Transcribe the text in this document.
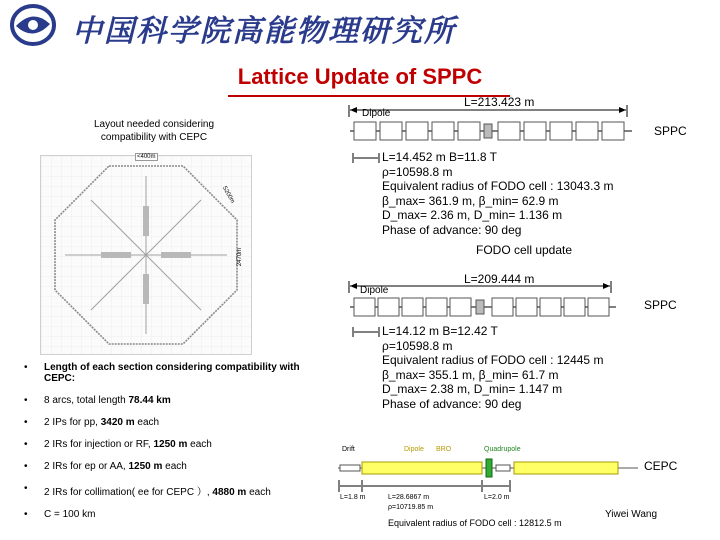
中国科学院高能物理研究所
Lattice Update of SPPC
Layout needed considering compatibility with CEPC
<400m
5200m
2470m
L=213.423 m
Dipole
SPPC
L=14.452 m B=11.8 T
ρ=10598.8 m
Equivalent radius of FODO cell : 13043.3 m
β_max= 361.9 m, β_min= 62.9 m
D_max= 2.36 m, D_min= 1.136 m
Phase of advance: 90 deg
FODO cell update
L=209.444 m
Dipole
SPPC
L=14.12 m B=12.42 T
ρ=10598.8 m
Equivalent radius of FODO cell : 12445 m
β_max= 355.1 m, β_min= 61.7 m
D_max= 2.38 m, D_min= 1.147 m
Phase of advance: 90 deg
•	Length of each section considering compatibility with CEPC:
•	8 arcs, total length 78.44 km
•	2 IPs for pp, 3420 m each
•	2 IRs for injection or RF, 1250 m each
•	2 IRs for ep or AA, 1250 m each
•	2 IRs for collimation( ee for CEPC ）, 4880 m each
•	C = 100 km
Drift	Dipole BRO	Quadrupole
L=1.8 m	L=28.6867 m
ρ=10719.85 m
L=2.0 m
CEPC
Equivalent radius of FODO cell : 12812.5 m
Yiwei Wang
